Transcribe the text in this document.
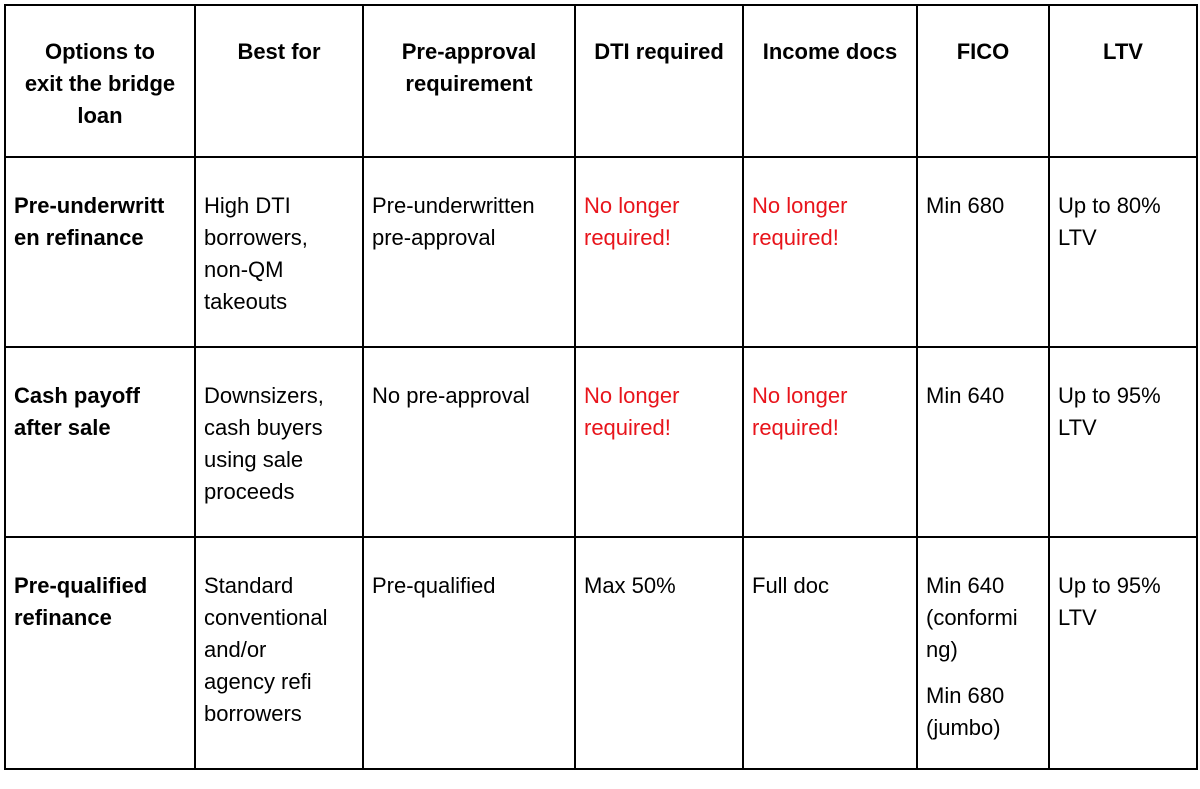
Options to
exit the bridge
loan	Best for	Pre-approval
requirement	DTI required	Income docs	FICO	LTV

Pre-underwritt
en refinance	High DTI
borrowers,
non-QM
takeouts	Pre-underwritten
pre-approval	No longer
required!	No longer
required!	Min 680	Up to 80%
LTV

Cash payoff
after sale	Downsizers,
cash buyers
using sale
proceeds	No pre-approval	No longer
required!	No longer
required!	Min 640	Up to 95%
LTV

Pre-qualified
refinance	Standard
conventional
and/or
agency refi
borrowers	Pre-qualified	Max 50%	Full doc	Min 640
(conformi
ng)
Min 680
(jumbo)	Up to 95%
LTV
